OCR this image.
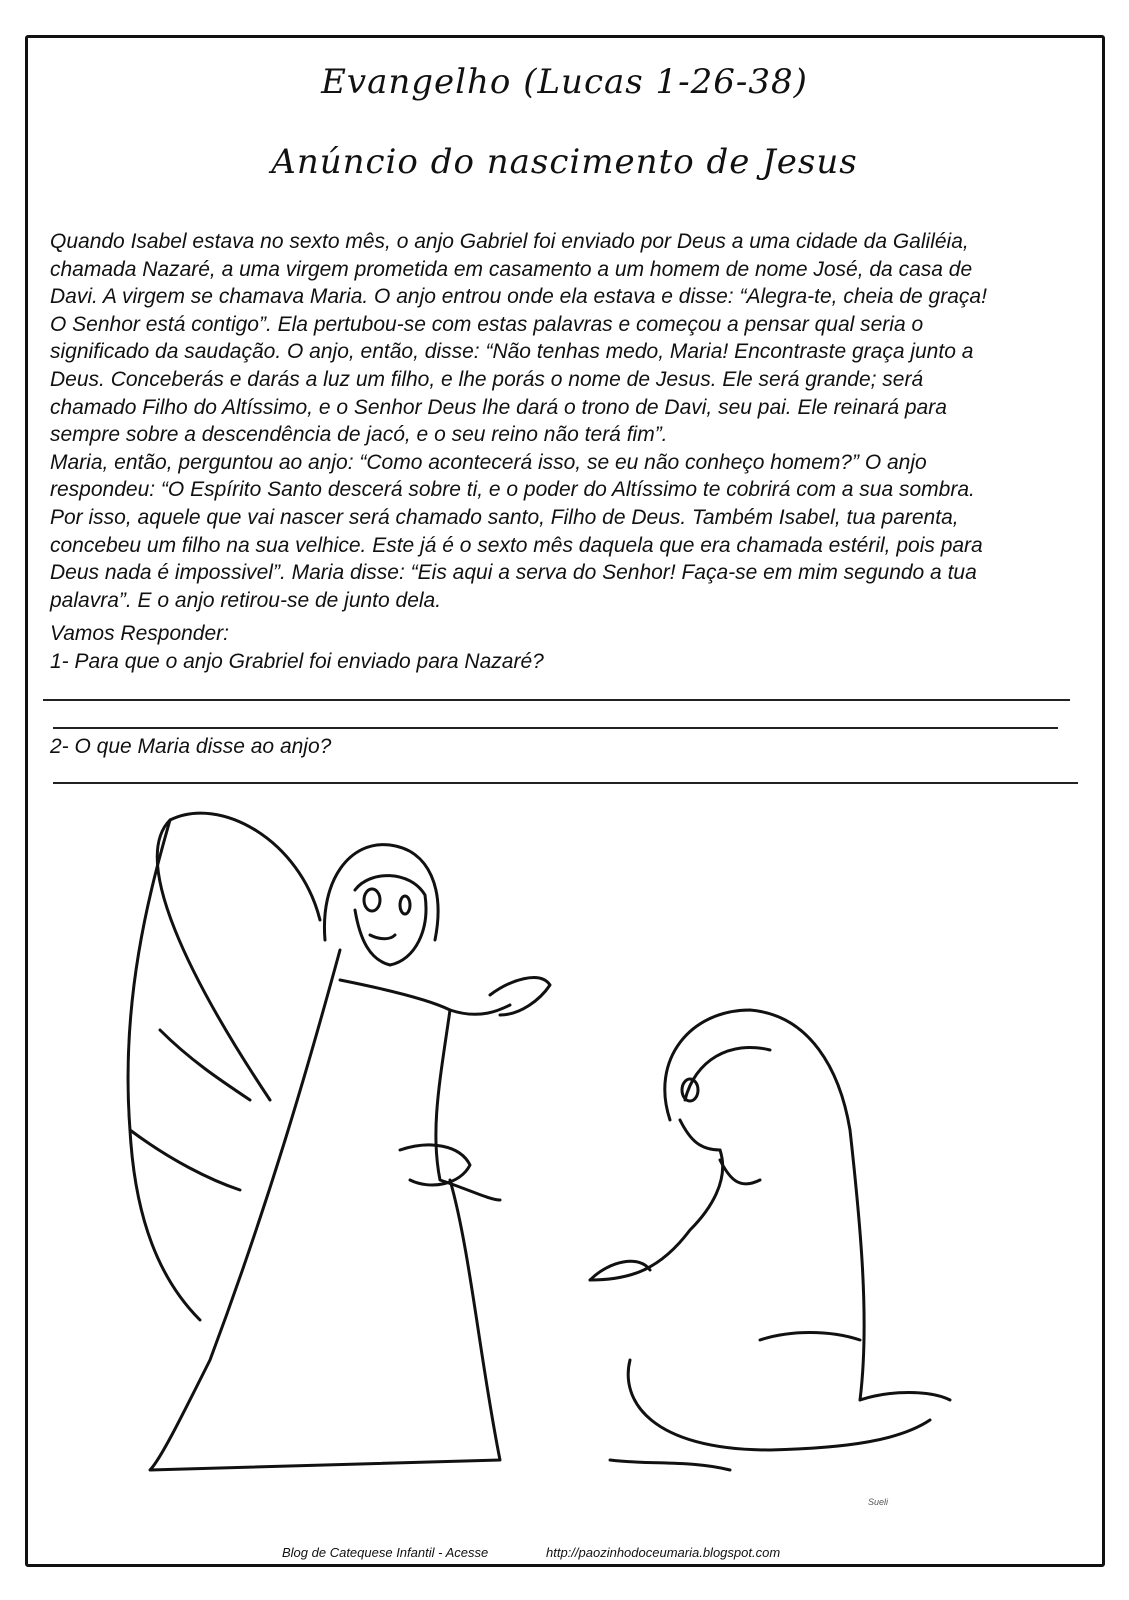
Evangelho (Lucas 1-26-38)
Anúncio do nascimento de Jesus
Quando Isabel estava no sexto mês, o anjo Gabriel foi enviado por Deus a uma cidade da Galiléia,
chamada Nazaré, a uma virgem prometida em casamento a um homem de nome José, da casa de
Davi. A virgem se chamava Maria. O anjo entrou onde ela estava e disse: “Alegra-te, cheia de graça!
O Senhor está contigo”. Ela pertubou-se com estas palavras e começou a pensar qual seria o
significado da saudação. O anjo, então, disse: “Não tenhas medo, Maria! Encontraste graça junto a
Deus. Conceberás e darás a luz um filho, e lhe porás o nome de Jesus. Ele será grande; será
chamado Filho do Altíssimo, e o Senhor Deus lhe dará o trono de Davi, seu pai. Ele reinará para
sempre sobre a descendência de jacó, e o seu reino não terá fim”.
Maria, então, perguntou ao anjo: “Como acontecerá isso, se eu não conheço homem?” O anjo
respondeu: “O Espírito Santo descerá sobre ti, e o poder do Altíssimo te cobrirá com a sua sombra.
Por isso, aquele que vai nascer será chamado santo, Filho de Deus. Também Isabel, tua parenta,
concebeu um filho na sua velhice. Este já é o sexto mês daquela que era chamada estéril, pois para
Deus nada é impossivel”. Maria disse: “Eis aqui a serva do Senhor! Faça-se em mim segundo a tua
palavra”. E o anjo retirou-se de junto dela.
Vamos Responder:
1- Para que o anjo Grabriel foi enviado para Nazaré?
2- O que Maria disse ao anjo?
Sueli
Blog de Catequese Infantil - Acesse	http://paozinhodoceumaria.blogspot.com
